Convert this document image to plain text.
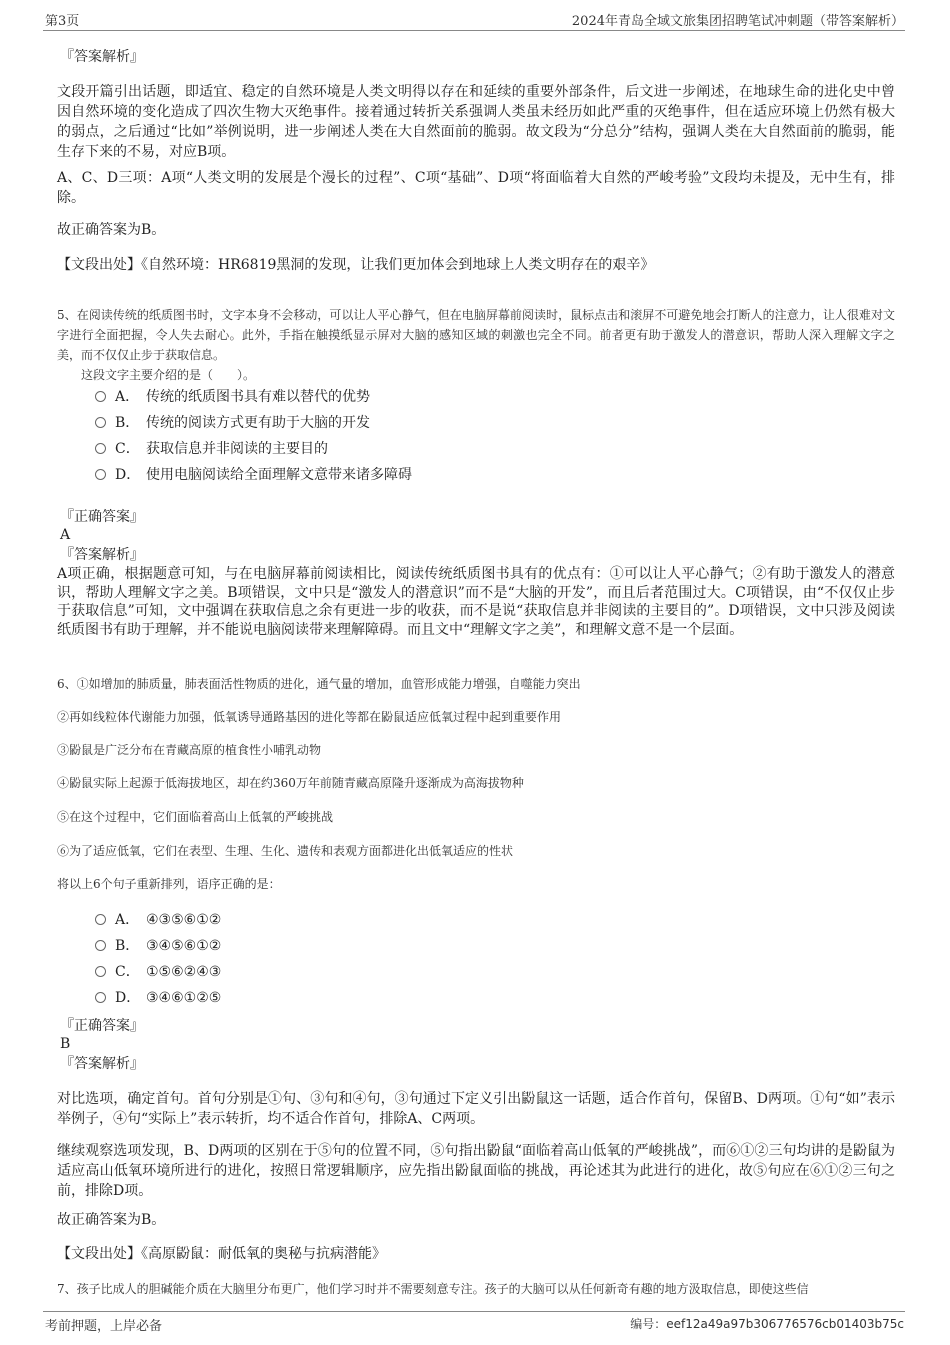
第3页	2024年青岛全域文旅集团招聘笔试冲刺题（带答案解析）
『答案解析』
文段开篇引出话题，即适宜、稳定的自然环境是人类文明得以存在和延续的重要外部条件，后文进一步阐述，在地球生命的进化史中曾因自然环境的变化造成了四次生物大灭绝事件。接着通过转折关系强调人类虽未经历如此严重的灭绝事件，但在适应环境上仍然有极大的弱点，之后通过“比如”举例说明，进一步阐述人类在大自然面前的脆弱。故文段为“分总分”结构，强调人类在大自然面前的脆弱，能生存下来的不易，对应B项。
A、C、D三项：A项“人类文明的发展是个漫长的过程”、C项“基础”、D项“将面临着大自然的严峻考验”文段均未提及，无中生有，排除。
故正确答案为B。
【文段出处】《自然环境：HR6819黑洞的发现，让我们更加体会到地球上人类文明存在的艰辛》
5、在阅读传统的纸质图书时，文字本身不会移动，可以让人平心静气，但在电脑屏幕前阅读时，鼠标点击和滚屏不可避免地会打断人的注意力，让人很难对文字进行全面把握，令人失去耐心。此外，手指在触摸纸显示屏对大脑的感知区域的刺激也完全不同。前者更有助于激发人的潜意识，帮助人深入理解文字之美，而不仅仅止步于获取信息。
这段文字主要介绍的是（　　）。
A． 传统的纸质图书具有难以替代的优势
B． 传统的阅读方式更有助于大脑的开发
C． 获取信息并非阅读的主要目的
D． 使用电脑阅读给全面理解文意带来诸多障碍
『正确答案』
A
『答案解析』
A项正确，根据题意可知，与在电脑屏幕前阅读相比，阅读传统纸质图书具有的优点有：①可以让人平心静气；②有助于激发人的潜意识，帮助人理解文字之美。B项错误，文中只是“激发人的潜意识”而不是“大脑的开发”，而且后者范围过大。C项错误，由“不仅仅止步于获取信息”可知，文中强调在获取信息之余有更进一步的收获，而不是说“获取信息并非阅读的主要目的”。D项错误，文中只涉及阅读纸质图书有助于理解，并不能说电脑阅读带来理解障碍。而且文中“理解文字之美”，和理解文意不是一个层面。
6、①如增加的肺质量，肺表面活性物质的进化，通气量的增加，血管形成能力增强，自噬能力突出
②再如线粒体代谢能力加强，低氧诱导通路基因的进化等都在鼢鼠适应低氧过程中起到重要作用
③鼢鼠是广泛分布在青藏高原的植食性小哺乳动物
④鼢鼠实际上起源于低海拔地区，却在约360万年前随青藏高原隆升逐渐成为高海拔物种
⑤在这个过程中，它们面临着高山上低氧的严峻挑战
⑥为了适应低氧，它们在表型、生理、生化、遗传和表观方面都进化出低氧适应的性状
将以上6个句子重新排列，语序正确的是：
A． ④③⑤⑥①②
B． ③④⑤⑥①②
C． ①⑤⑥②④③
D． ③④⑥①②⑤
『正确答案』
B
『答案解析』
对比选项，确定首句。首句分别是①句、③句和④句，③句通过下定义引出鼢鼠这一话题，适合作首句，保留B、D两项。①句“如”表示举例子，④句“实际上”表示转折，均不适合作首句，排除A、C两项。
继续观察选项发现，B、D两项的区别在于⑤句的位置不同，⑤句指出鼢鼠“面临着高山低氧的严峻挑战”，而⑥①②三句均讲的是鼢鼠为适应高山低氧环境所进行的进化，按照日常逻辑顺序，应先指出鼢鼠面临的挑战，再论述其为此进行的进化，故⑤句应在⑥①②三句之前，排除D项。
故正确答案为B。
【文段出处】《高原鼢鼠：耐低氧的奥秘与抗病潜能》
7、孩子比成人的胆碱能介质在大脑里分布更广，他们学习时并不需要刻意专注。孩子的大脑可以从任何新奇有趣的地方汲取信息，即使这些信
考前押题，上岸必备	编号：eef12a49a97b306776576cb01403b75c
